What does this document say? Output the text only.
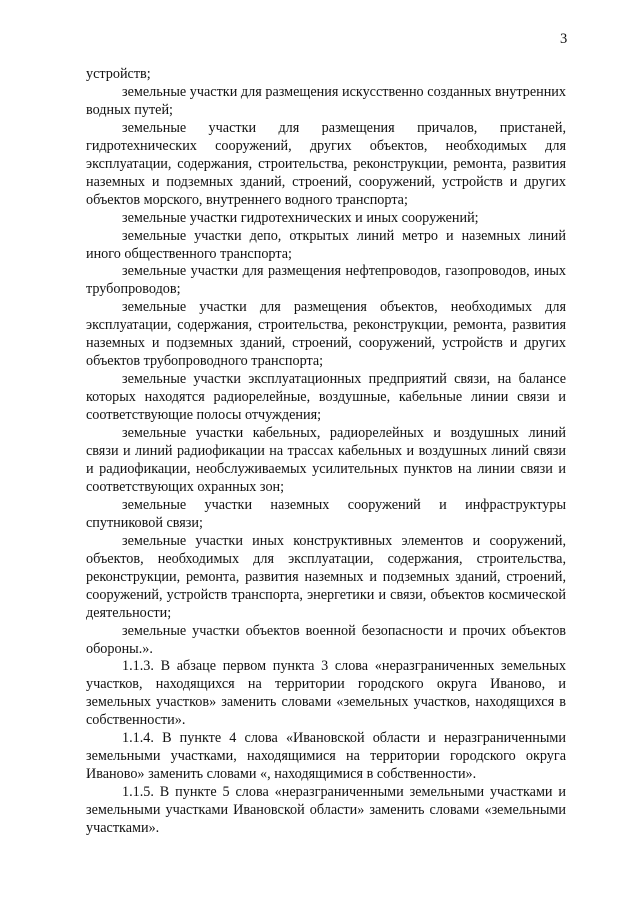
3

устройств;

земельные участки для размещения искусственно созданных внутренних водных путей;

земельные участки для размещения причалов, пристаней, гидротехнических сооружений, других объектов, необходимых для эксплуатации, содержания, строительства, реконструкции, ремонта, развития наземных и подземных зданий, строений, сооружений, устройств и других объектов морского, внутреннего водного транспорта;

земельные участки гидротехнических и иных сооружений;

земельные участки депо, открытых линий метро и наземных линий иного общественного транспорта;

земельные участки для размещения нефтепроводов, газопроводов, иных трубопроводов;

земельные участки для размещения объектов, необходимых для эксплуатации, содержания, строительства, реконструкции, ремонта, развития наземных и подземных зданий, строений, сооружений, устройств и других объектов трубопроводного транспорта;

земельные участки эксплуатационных предприятий связи, на балансе которых находятся радиорелейные, воздушные, кабельные линии связи и соответствующие полосы отчуждения;

земельные участки кабельных, радиорелейных и воздушных линий связи и линий радиофикации на трассах кабельных и воздушных линий связи и радиофикации, необслуживаемых усилительных пунктов на линии связи и соответствующих охранных зон;

земельные участки наземных сооружений и инфраструктуры спутниковой связи;

земельные участки иных конструктивных элементов и сооружений, объектов, необходимых для эксплуатации, содержания, строительства, реконструкции, ремонта, развития наземных и подземных зданий, строений, сооружений, устройств транспорта, энергетики и связи, объектов космической деятельности;

земельные участки объектов военной безопасности и прочих объектов обороны.».

1.1.3. В абзаце первом пункта 3 слова «неразграниченных земельных участков, находящихся на территории городского округа Иваново, и земельных участков» заменить словами «земельных участков, находящихся в собственности».

1.1.4. В пункте 4 слова «Ивановской области и неразграниченными земельными участками, находящимися на территории городского округа Иваново» заменить словами «, находящимися в собственности».

1.1.5. В пункте 5 слова «неразграниченными земельными участками и земельными участками Ивановской области» заменить словами «земельными участками».
